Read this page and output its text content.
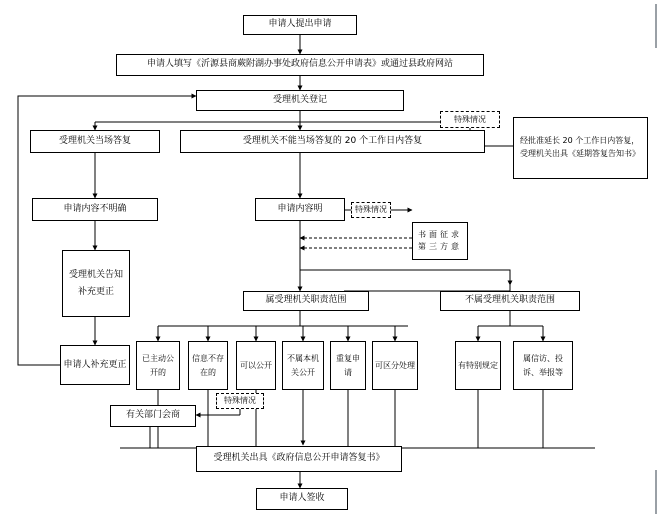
申请人提出申请
申请人填写《沂源县商蕨附湖办事处政府信息公开申请表》或通过县政府网站
受理机关登记
受理机关当场答复	受理机关不能当场答复的 20 个工作日内答复
特殊情况
经批准延长 20 个工作日内答复，受理机关出具《延期答复告知书》
申请内容不明确	申请内容明	特殊情况
书面征求第三方意
受理机关告知补充更正
属受理机关职责范围	不属受理机关职责范围
申请人补充更正
已主动公开的
信息不存在的
可以公开
不属本机关公开
重复申请
可区分处理	有特别规定
属信访、投诉、举报等
有关部门会商
特殊情况
受理机关出具《政府信息公开申请答复书》
申请人签收
